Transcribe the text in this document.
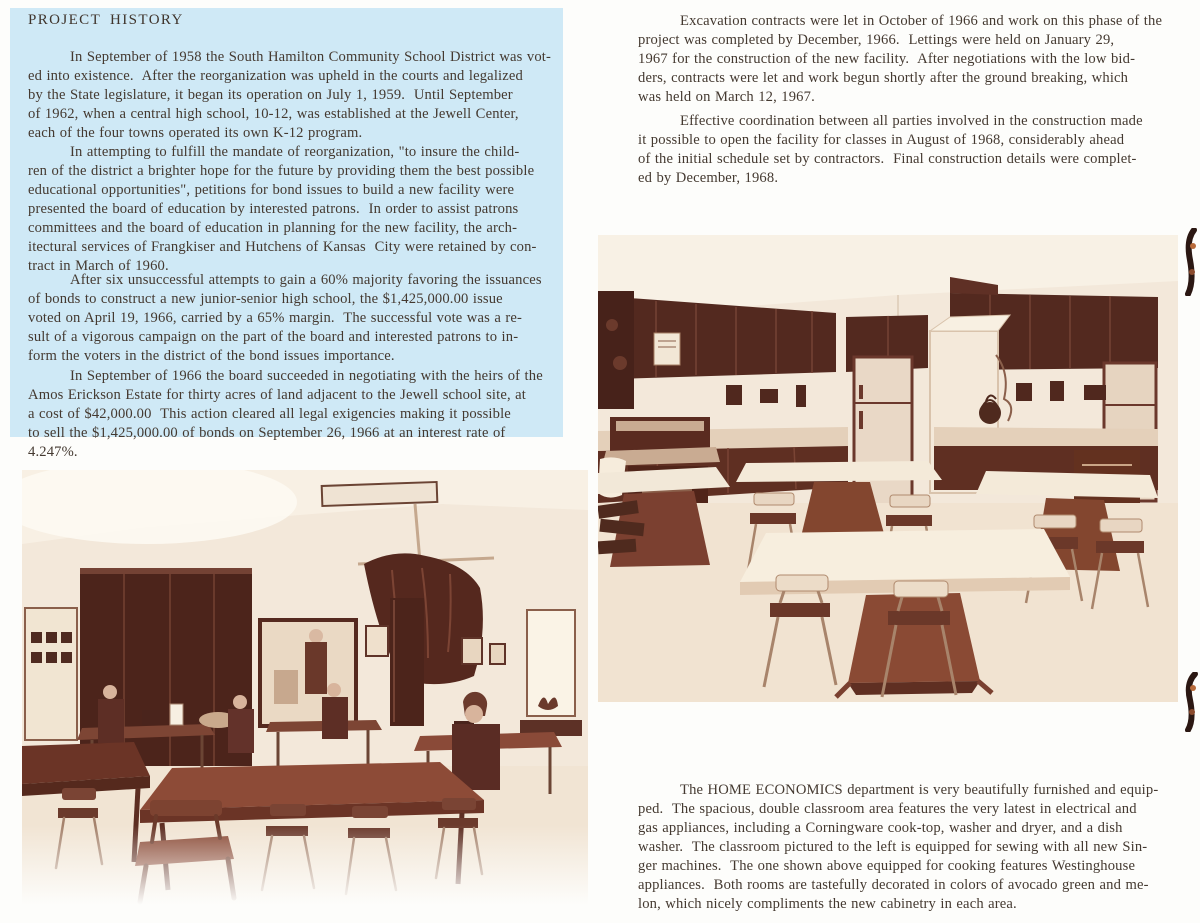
PROJECT HISTORY
In September of 1958 the South Hamilton Community School District was vot-
ed into existence.  After the reorganization was upheld in the courts and legalized
by the State legislature, it began its operation on July 1, 1959.  Until September
of 1962, when a central high school, 10-12, was established at the Jewell Center,
each of the four towns operated its own K-12 program.
In attempting to fulfill the mandate of reorganization, "to insure the child-
ren of the district a brighter hope for the future by providing them the best possible
educational opportunities", petitions for bond issues to build a new facility were
presented the board of education by interested patrons.  In order to assist patrons
committees and the board of education in planning for the new facility, the arch-
itectural services of Frangkiser and Hutchens of Kansas  City were retained by con-
tract in March of 1960.
After six unsuccessful attempts to gain a 60% majority favoring the issuances
of bonds to construct a new junior-senior high school, the $1,425,000.00 issue
voted on April 19, 1966, carried by a 65% margin.  The successful vote was a re-
sult of a vigorous campaign on the part of the board and interested patrons to in-
form the voters in the district of the bond issues importance.
In September of 1966 the board succeeded in negotiating with the heirs of the
Amos Erickson Estate for thirty acres of land adjacent to the Jewell school site, at
a cost of $42,000.00  This action cleared all legal exigencies making it possible
to sell the $1,425,000.00 of bonds on September 26, 1966 at an interest rate of
4.247%.
Excavation contracts were let in October of 1966 and work on this phase of the
project was completed by December, 1966.  Lettings were held on January 29,
1967 for the construction of the new facility.  After negotiations with the low bid-
ders, contracts were let and work begun shortly after the ground breaking, which
was held on March 12, 1967.
Effective coordination between all parties involved in the construction made
it possible to open the facility for classes in August of 1968, considerably ahead
of the initial schedule set by contractors.  Final construction details were complet-
ed by December, 1968.
The HOME ECONOMICS department is very beautifully furnished and equip-
ped.  The spacious, double classroom area features the very latest in electrical and
gas appliances, including a Corningware cook-top, washer and dryer, and a dish
washer.  The classroom pictured to the left is equipped for sewing with all new Sin-
ger machines.  The one shown above equipped for cooking features Westinghouse
appliances.  Both rooms are tastefully decorated in colors of avocado green and me-
lon, which nicely compliments the new cabinetry in each area.
